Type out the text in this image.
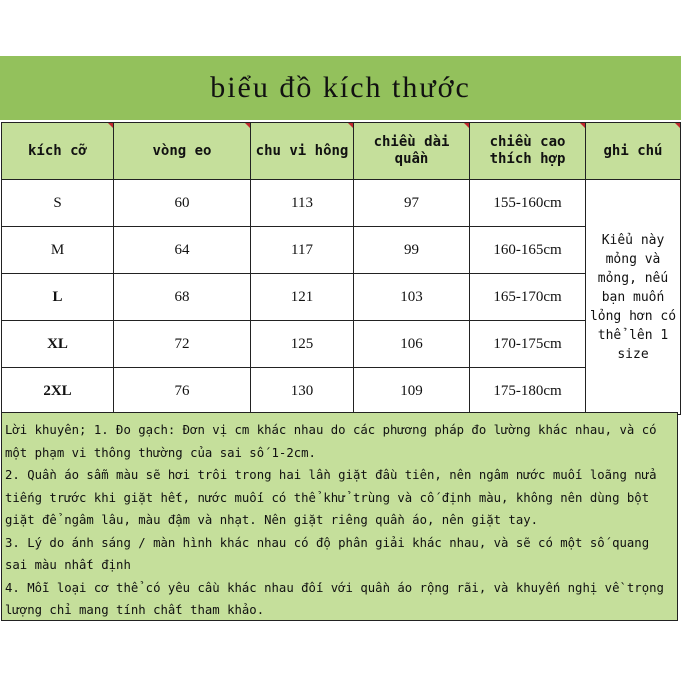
biểu đồ kích thước
kích cỡ	vòng eo	chu vi hông	chiều dài quần	chiều cao thích hợp	ghi chú

S	60	113	97	155-160cm	Kiểu này mỏng và mỏng, nếu bạn muốn lỏng hơn có thể lên 1 size
M	64	117	99	160-165cm	
L	68	121	103	165-170cm	
XL	72	125	106	170-175cm	
2XL	76	130	109	175-180cm	

Lời khuyên; 1. Đo gạch: Đơn vị cm khác nhau do các phương pháp đo lường khác nhau, và có một phạm vi thông thường của sai số 1-2cm.

2. Quần áo sẫm màu sẽ hơi trôi trong hai lần giặt đầu tiên, nên ngâm nước muối loãng nửa tiếng trước khi giặt hết, nước muối có thể khử trùng và cố định màu, không nên dùng bột giặt để ngâm lâu, màu đậm và nhạt. Nên giặt riêng quần áo, nên giặt tay.

3. Lý do ánh sáng / màn hình khác nhau có độ phân giải khác nhau, và sẽ có một số quang sai màu nhất định

4. Mỗi loại cơ thể có yêu cầu khác nhau đối với quần áo rộng rãi, và khuyến nghị về trọng lượng chỉ mang tính chất tham khảo.
